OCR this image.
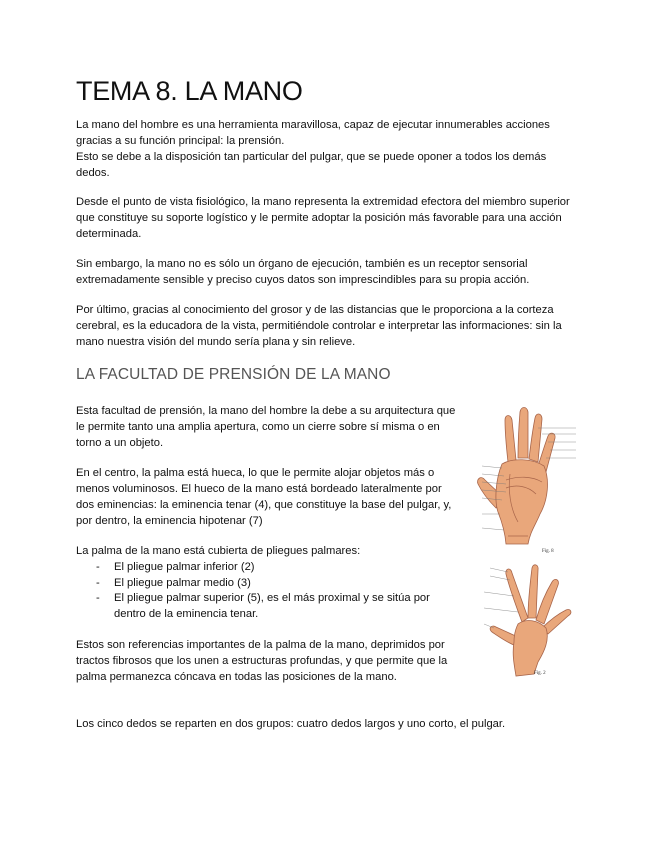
TEMA 8. LA MANO

La mano del hombre es una herramienta maravillosa, capaz de ejecutar innumerables acciones gracias a su función principal: la prensión.
Esto se debe a la disposición tan particular del pulgar, que se puede oponer a todos los demás dedos.

Desde el punto de vista fisiológico, la mano representa la extremidad efectora del miembro superior que constituye su soporte logístico y le permite adoptar la posición más favorable para una acción determinada.

Sin embargo, la mano no es sólo un órgano de ejecución, también es un receptor sensorial extremadamente sensible y preciso cuyos datos son imprescindibles para su propia acción.

Por último, gracias al conocimiento del grosor y de las distancias que le proporciona a la corteza cerebral, es la educadora de la vista, permitiéndole controlar e interpretar las informaciones: sin la mano nuestra visión del mundo sería plana y sin relieve.

LA FACULTAD DE PRENSIÓN DE LA MANO

Esta facultad de prensión, la mano del hombre la debe a su arquitectura que le permite tanto una amplia apertura, como un cierre sobre sí misma o en torno a un objeto.

En el centro, la palma está hueca, lo que le permite alojar objetos más o menos voluminosos. El hueco de la mano está bordeado lateralmente por dos eminencias: la eminencia tenar (4), que constituye la base del pulgar, y, por dentro, la eminencia hipotenar (7)

La palma de la mano está cubierta de pliegues palmares:

- El pliegue palmar inferior (2)
- El pliegue palmar medio (3)
- El pliegue palmar superior (5), es el más proximal y se sitúa por dentro de la eminencia tenar.

Estos son referencias importantes de la palma de la mano, deprimidos por tractos fibrosos que los unen a estructuras profundas, y que permite que la palma permanezca cóncava en todas las posiciones de la mano.

Los cinco dedos se reparten en dos grupos: cuatro dedos largos y uno corto, el pulgar.

Fig. 8
Fig. 2
